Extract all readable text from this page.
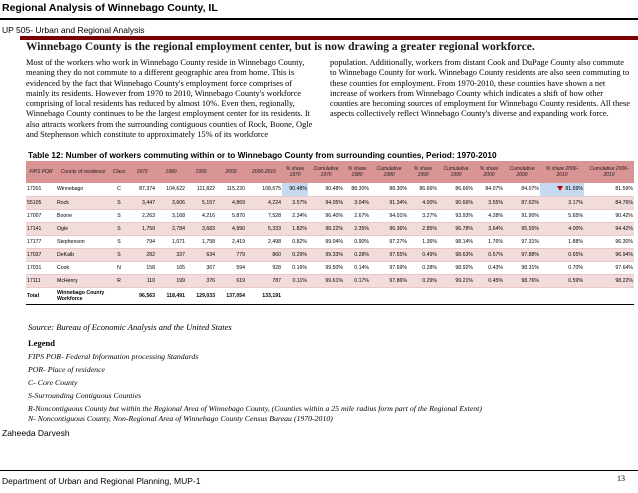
Regional Analysis of Winnebago County, IL
UP 505- Urban and Regional Analysis
Winnebago County is the regional employment center, but is now drawing a greater regional workforce.
Most of the workers who work in Winnebago County reside in Winnebago County, meaning they do not commute to a different geographic area from home. This is evidenced by the fact that Winnebago County's employment force comprises of mainly its residents. However from 1970 to 2010, Winnebago County's workforce comprising of local residents has reduced by almost 10%. Even then, regionally, Winnebago County continues to be the largest employment center for its residents. It also attracts workers from the surrounding contiguous counties of Rock, Boone, Ogle and Stephenson which constitute to approximately 15% of its workforce
population. Additionally, workers from distant Cook and DuPage County also commute to Winnebago County for work. Winnebago County residents are also seen commuting to these counties for employment. From 1970-2010, these counties have shown a net increase of workers from Winnebago County which indicates a shift of how other counties are becoming sources of employment for Winnebago County residents. All these aspects collectively reflect Winnebago County's diverse and expanding work force.
Table 12: Number of workers commuting within or to Winnebago County from surrounding counties, Period: 1970-2010
FIPS POR	County of residence	Class	1970	1980	1990	2000	2000-2010	% share 1970	Cumulative 1970	% share 1980	Cumulative 1980	% share 1990	Cumulative 1990	% share 2000	Cumulative 2000	% share 2006-2010	Cumulative 2006-2010
17201	Winnebago	C	87,374	104,622	111,822	115,220	108,675	90.48%	90.48%	88.30%	88.30%	86.66%	86.66%	84.07%	84.07%	81.59%	81.59%
55105	Rock	S	3,447	3,606	5,157	4,869	4,224	3.57%	94.05%	3.04%	91.34%	4.00%	90.66%	3.55%	87.62%	3.17%	84.76%
17007	Boone	S	2,263	3,168	4,216	5,870	7,528	2.34%	96.40%	2.67%	94.01%	3.27%	93.93%	4.28%	91.90%	5.65%	90.42%
17141	Ogle	S	1,759	2,784	3,683	4,990	5,333	1.82%	98.22%	2.35%	96.36%	2.85%	96.78%	3.64%	95.55%	4.00%	94.42%
17177	Stephenson	S	794	1,071	1,758	2,419	2,498	0.82%	99.04%	0.90%	97.27%	1.36%	98.14%	1.76%	97.31%	1.88%	96.30%
17037	DeKalb	S	282	337	634	779	860	0.29%	99.33%	0.28%	97.55%	0.49%	98.63%	0.57%	97.88%	0.65%	96.94%
17031	Cook	N	158	165	367	594	928	0.16%	99.50%	0.14%	97.69%	0.28%	98.92%	0.43%	98.31%	0.70%	97.64%
17111	McHenry	R	110	199	376	619	787	0.11%	99.61%	0.17%	97.86%	0.29%	99.21%	0.45%	98.76%	0.59%	98.22%
Total	Winnebago County Workforce		96,563	118,491	129,033	137,054	133,191										
Source: Bureau of Economic Analysis and the United States
Legend
FIPS POR- Federal Information processing Standards
POR- Place of residence
C- Core County
S-Surrounding Contiguous Counties
R-Noncontiguous County but within the Regional Area of Winnebago County, (Counties within a 25 mile radius form part of the Regional Extent)
N- Noncontiguous County, Non-Regional Area of Winnebago County Census Bureau (1970-2010)
Zaheeda Darvesh
Department of Urban and Regional Planning, MUP-1	13
